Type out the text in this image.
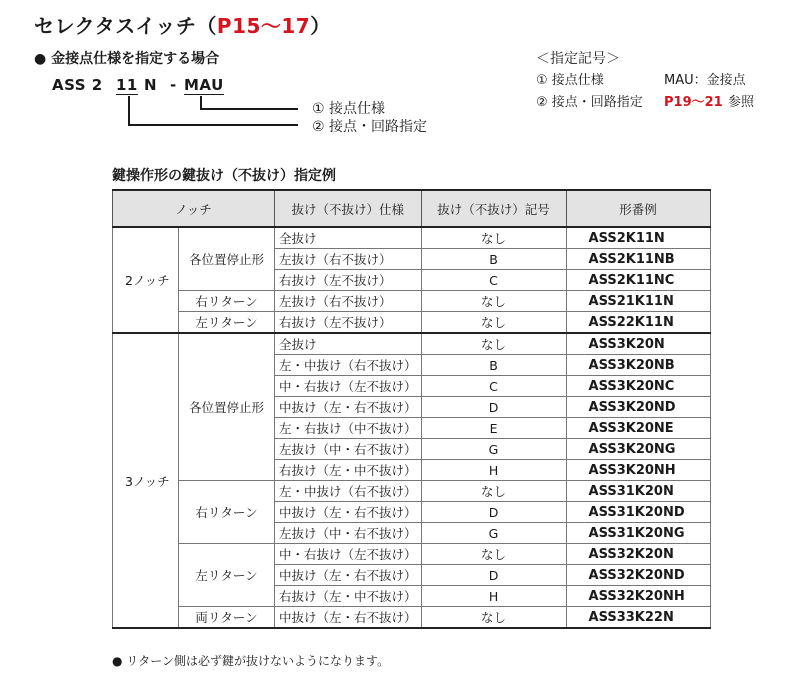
セレクタスイッチ（P15〜17）
● 金接点仕様を指定する場合
ASS 2 11 N - MAU
① 接点仕様
② 接点・回路指定
＜指定記号＞
① 接点仕様	MAU：金接点
② 接点・回路指定 P19〜21 参照
鍵操作形の鍵抜け（不抜け）指定例
ノッチ		抜け（不抜け）仕様	抜け（不抜け）記号	形番例
2ノッチ	各位置停止形	全抜け	なし	ASS2K11N
		左抜け（右不抜け）	B	ASS2K11NB
		右抜け（左不抜け）	C	ASS2K11NC
	右リターン	左抜け（右不抜け）	なし	ASS21K11N
	左リターン	右抜け（左不抜け）	なし	ASS22K11N
3ノッチ	各位置停止形	全抜け	なし	ASS3K20N
		左・中抜け（右不抜け）	B	ASS3K20NB
		中・右抜け（左不抜け）	C	ASS3K20NC
		中抜け（左・右不抜け）	D	ASS3K20ND
		左・右抜け（中不抜け）	E	ASS3K20NE
		左抜け（中・右不抜け）	G	ASS3K20NG
		右抜け（左・中不抜け）	H	ASS3K20NH
	右リターン	左・中抜け（右不抜け）	なし	ASS31K20N
		中抜け（左・右不抜け）	D	ASS31K20ND
		左抜け（中・右不抜け）	G	ASS31K20NG
	左リターン	中・右抜け（左不抜け）	なし	ASS32K20N
		中抜け（左・右不抜け）	D	ASS32K20ND
		右抜け（左・中不抜け）	H	ASS32K20NH
	両リターン	中抜け（左・右不抜け）	なし	ASS33K22N
● リターン側は必ず鍵が抜けないようになります。
